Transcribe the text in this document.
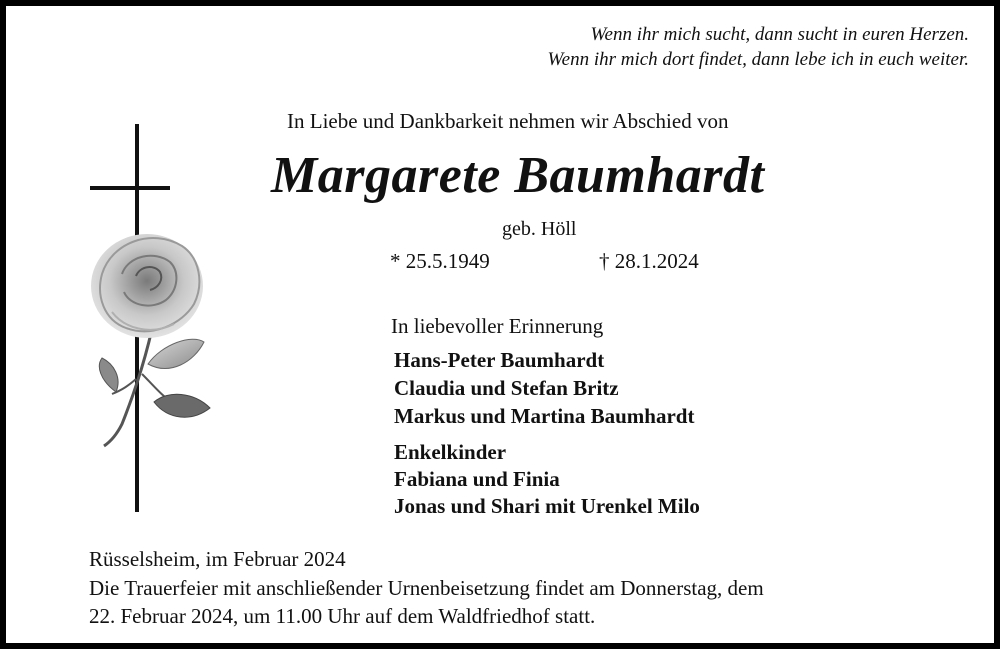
Wenn ihr mich sucht, dann sucht in euren Herzen.
Wenn ihr mich dort findet, dann lebe ich in euch weiter.
In Liebe und Dankbarkeit nehmen wir Abschied von
Margarete Baumhardt
geb. Höll
* 25.5.1949	† 28.1.2024
In liebevoller Erinnerung
Hans-Peter Baumhardt
Claudia und Stefan Britz
Markus und Martina Baumhardt
Enkelkinder
Fabiana und Finia
Jonas und Shari mit Urenkel Milo
Rüsselsheim, im Februar 2024
Die Trauerfeier mit anschließender Urnenbeisetzung findet am Donnerstag, dem
22. Februar 2024, um 11.00 Uhr auf dem Waldfriedhof statt.
